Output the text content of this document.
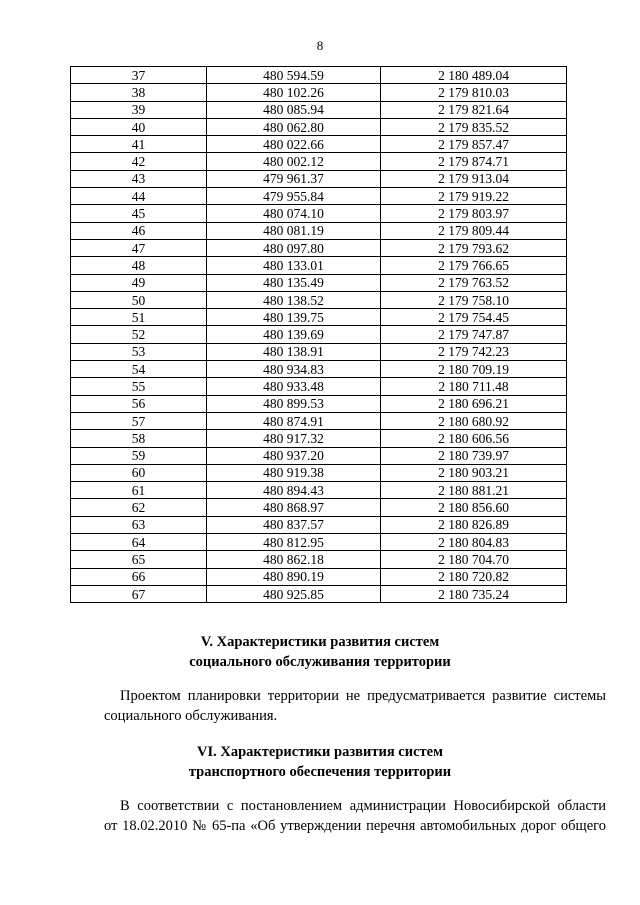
8
37	480 594.59	2 180 489.04
38	480 102.26	2 179 810.03
39	480 085.94	2 179 821.64
40	480 062.80	2 179 835.52
41	480 022.66	2 179 857.47
42	480 002.12	2 179 874.71
43	479 961.37	2 179 913.04
44	479 955.84	2 179 919.22
45	480 074.10	2 179 803.97
46	480 081.19	2 179 809.44
47	480 097.80	2 179 793.62
48	480 133.01	2 179 766.65
49	480 135.49	2 179 763.52
50	480 138.52	2 179 758.10
51	480 139.75	2 179 754.45
52	480 139.69	2 179 747.87
53	480 138.91	2 179 742.23
54	480 934.83	2 180 709.19
55	480 933.48	2 180 711.48
56	480 899.53	2 180 696.21
57	480 874.91	2 180 680.92
58	480 917.32	2 180 606.56
59	480 937.20	2 180 739.97
60	480 919.38	2 180 903.21
61	480 894.43	2 180 881.21
62	480 868.97	2 180 856.60
63	480 837.57	2 180 826.89
64	480 812.95	2 180 804.83
65	480 862.18	2 180 704.70
66	480 890.19	2 180 720.82
67	480 925.85	2 180 735.24
V. Характеристики развития систем
социального обслуживания территории
Проектом планировки территории не предусматривается развитие системы
социального обслуживания.
VI. Характеристики развития систем
транспортного обеспечения территории
В соответствии с постановлением администрации Новосибирской области
от 18.02.2010 № 65-па «Об утверждении перечня автомобильных дорог общего
